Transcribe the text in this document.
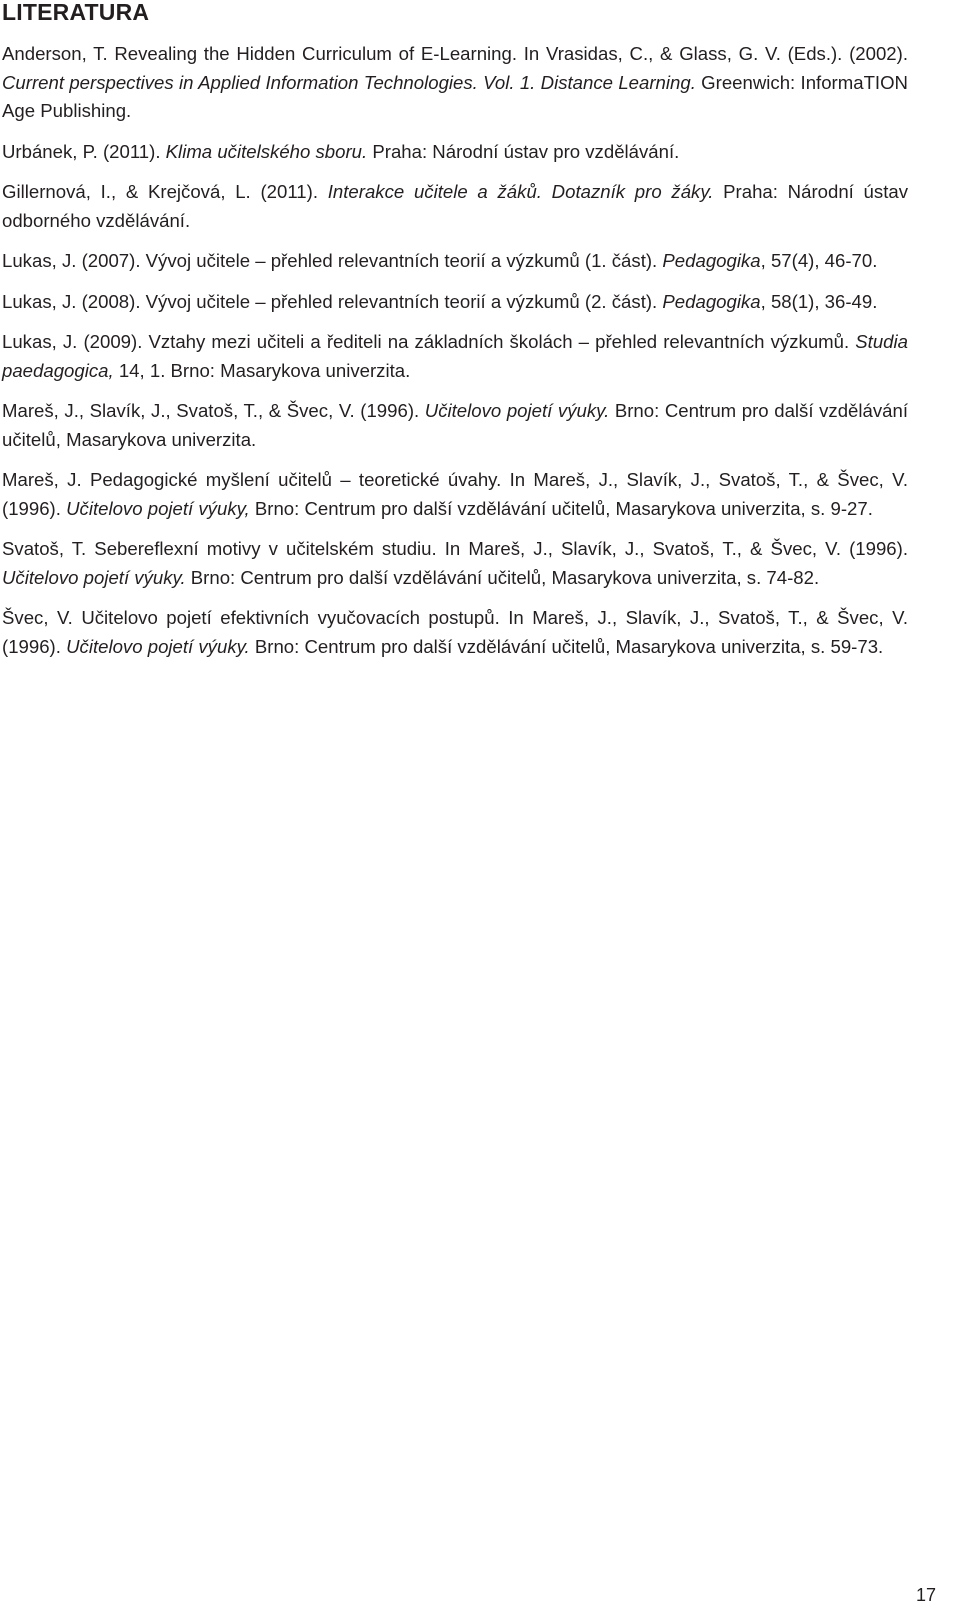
LITERATURA
Anderson, T. Revealing the Hidden Curriculum of E-Learning. In Vrasidas, C., & Glass, G. V. (Eds.). (2002). Current perspectives in Applied Information Technologies. Vol. 1. Distance Learning. Greenwich: InformaTION Age Publishing.
Urbánek, P. (2011). Klima učitelského sboru. Praha: Národní ústav pro vzdělávání.
Gillernová, I., & Krejčová, L. (2011). Interakce učitele a žáků. Dotazník pro žáky. Praha: Národní ústav odborného vzdělávání.
Lukas, J. (2007). Vývoj učitele – přehled relevantních teorií a výzkumů (1. část). Pedagogika, 57(4), 46-70.
Lukas, J. (2008). Vývoj učitele – přehled relevantních teorií a výzkumů (2. část). Pedagogika, 58(1), 36-49.
Lukas, J. (2009). Vztahy mezi učiteli a řediteli na základních školách – přehled relevantních výzkumů. Studia paedagogica, 14, 1. Brno: Masarykova univerzita.
Mareš, J., Slavík, J., Svatoš, T., & Švec, V. (1996). Učitelovo pojetí výuky. Brno: Centrum pro další vzdělávání učitelů, Masarykova univerzita.
Mareš, J. Pedagogické myšlení učitelů – teoretické úvahy. In Mareš, J., Slavík, J., Svatoš, T., & Švec, V. (1996). Učitelovo pojetí výuky, Brno: Centrum pro další vzdělávání učitelů, Masarykova univerzita, s. 9-27.
Svatoš, T. Sebereflexní motivy v učitelském studiu. In Mareš, J., Slavík, J., Svatoš, T., & Švec, V. (1996). Učitelovo pojetí výuky. Brno: Centrum pro další vzdělávání učitelů, Masarykova univerzita, s. 74-82.
Švec, V. Učitelovo pojetí efektivních vyučovacích postupů. In Mareš, J., Slavík, J., Svatoš, T., & Švec, V. (1996). Učitelovo pojetí výuky. Brno: Centrum pro další vzdělávání učitelů, Masarykova univerzita, s. 59-73.
17
